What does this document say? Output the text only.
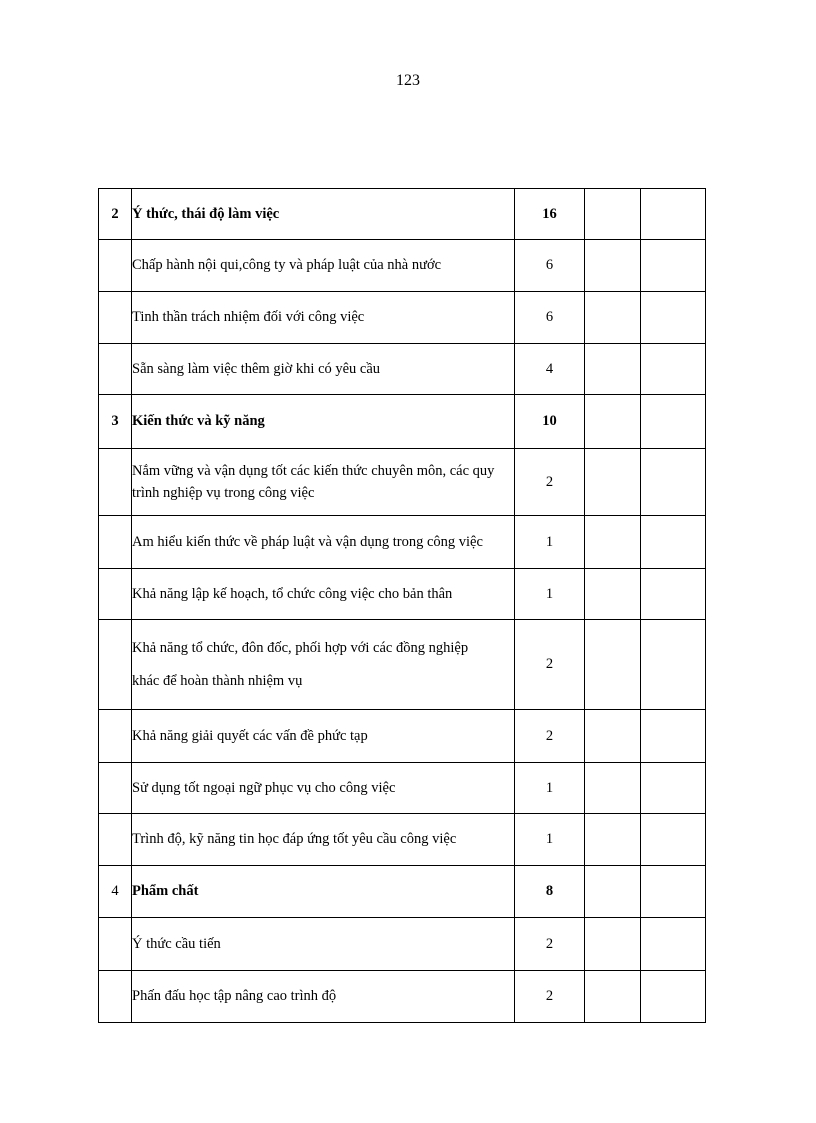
123
2	Ý thức, thái độ làm việc	16		
	Chấp hành nội qui,công ty và pháp luật của nhà nước	6		
	Tinh thần trách nhiệm đối với công việc	6		
	Sẵn sàng làm việc thêm giờ khi có yêu cầu	4		
3	Kiến thức và kỹ năng	10		
	Nắm vững và vận dụng tốt các kiến thức chuyên môn, các quy trình nghiệp vụ trong công việc	2		
	Am hiểu kiến thức về pháp luật và vận dụng trong công việc	1		
	Khả năng lập kế hoạch, tổ chức công việc cho bản thân	1		
	Khả năng tổ chức, đôn đốc, phối hợp với các đồng nghiệp
khác để hoàn thành nhiệm vụ	2		
	Khả năng giải quyết các vấn đề phức tạp	2		
	Sử dụng tốt ngoại ngữ phục vụ cho công việc	1		
	Trình độ, kỹ năng tin học đáp ứng tốt yêu cầu công việc	1		
4	Phẩm chất	8		
	Ý thức cầu tiến	2		
	Phấn đấu học tập nâng cao trình độ	2		
